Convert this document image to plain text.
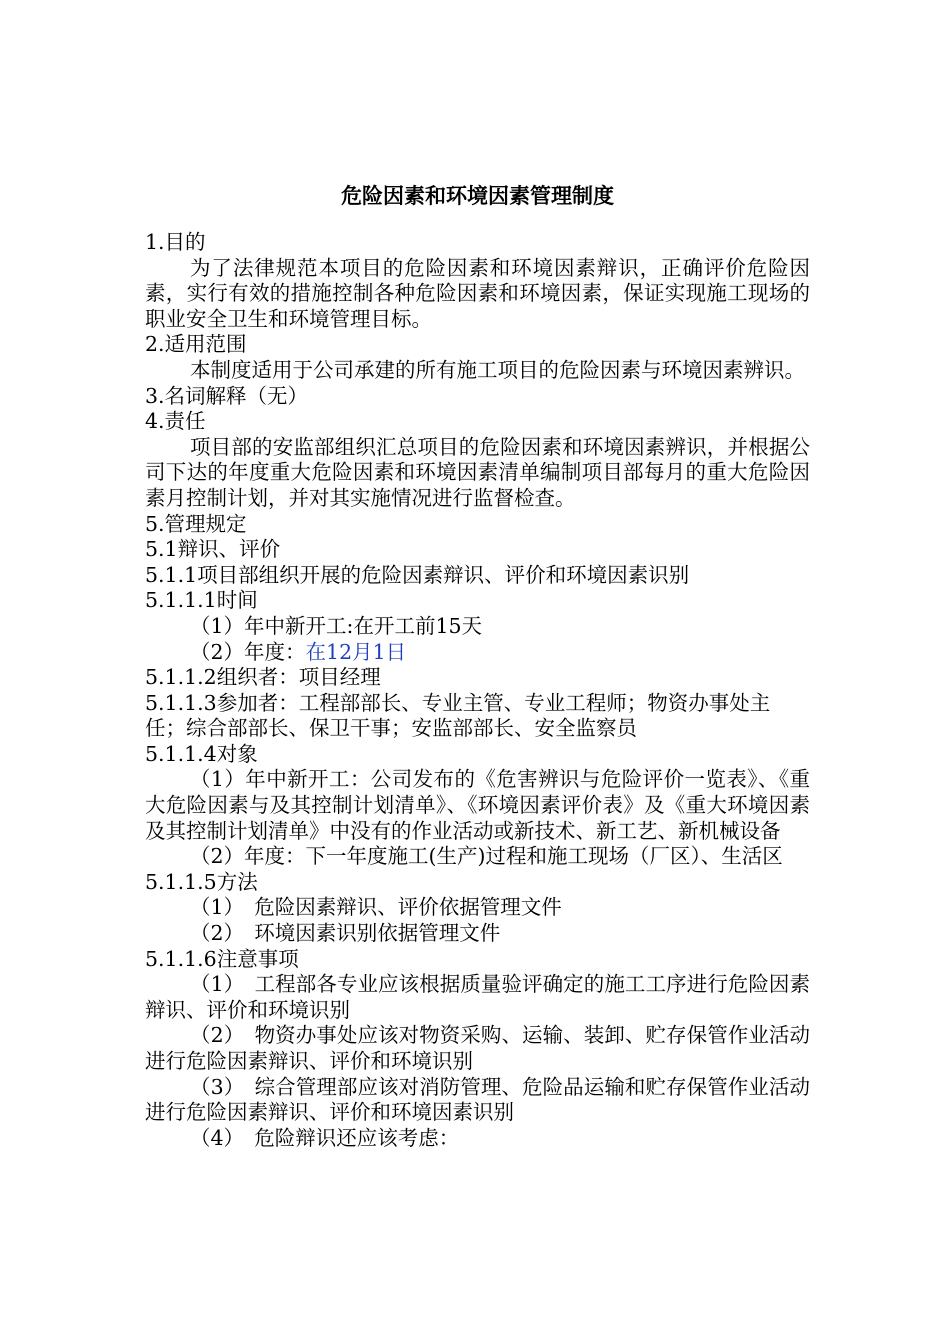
危险因素和环境因素管理制度

1.目的

为了法律规范本项目的危险因素和环境因素辩识，正确评价危险因素，实行有效的措施控制各种危险因素和环境因素，保证实现施工现场的职业安全卫生和环境管理目标。

2.适用范围

本制度适用于公司承建的所有施工项目的危险因素与环境因素辨识。

3.名词解释（无）

4.责任

项目部的安监部组织汇总项目的危险因素和环境因素辨识，并根据公司下达的年度重大危险因素和环境因素清单编制项目部每月的重大危险因素月控制计划，并对其实施情况进行监督检查。

5.管理规定

5.1辩识、评价

5.1.1项目部组织开展的危险因素辩识、评价和环境因素识别

5.1.1.1时间

（1）年中新开工:在开工前15天

（2）年度：在12月1日

5.1.1.2组织者：项目经理

5.1.1.3参加者：工程部部长、专业主管、专业工程师；物资办事处主任；综合部部长、保卫干事；安监部部长、安全监察员

5.1.1.4对象

（1）年中新开工：公司发布的《危害辨识与危险评价一览表》、《重大危险因素与及其控制计划清单》、《环境因素评价表》及《重大环境因素及其控制计划清单》中没有的作业活动或新技术、新工艺、新机械设备

（2）年度：下一年度施工(生产)过程和施工现场（厂区）、生活区

5.1.1.5方法

（1）　危险因素辩识、评价依据管理文件

（2）　环境因素识别依据管理文件

5.1.1.6注意事项

（1）　工程部各专业应该根据质量验评确定的施工工序进行危险因素辩识、评价和环境识别

（2）　物资办事处应该对物资采购、运输、装卸、贮存保管作业活动进行危险因素辩识、评价和环境识别

（3）　综合管理部应该对消防管理、危险品运输和贮存保管作业活动进行危险因素辩识、评价和环境因素识别

（4）　危险辩识还应该考虑：
